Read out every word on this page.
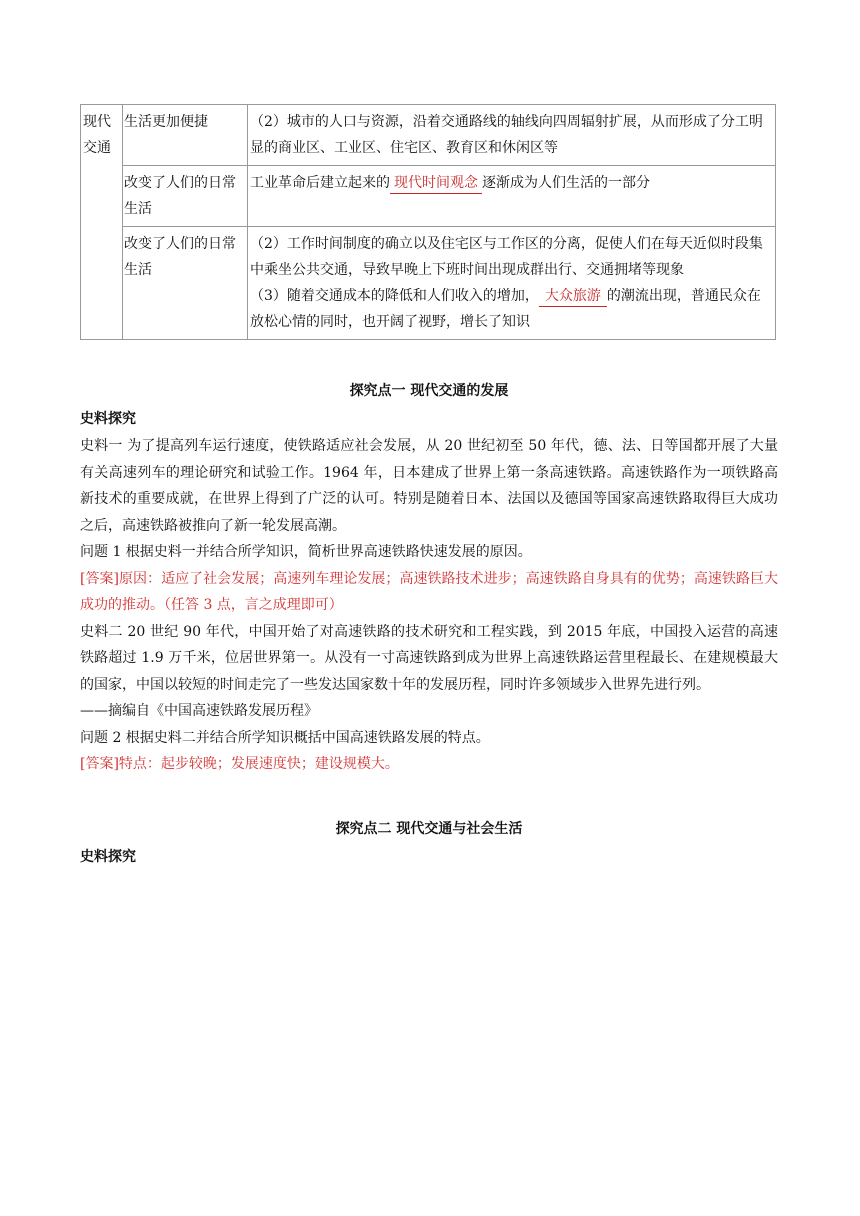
现代交通	生活更加便捷	（2）城市的人口与资源，沿着交通路线的轴线向四周辐射扩展，从而形成了分工明显的商业区、工业区、住宅区、教育区和休闲区等
	改变了人们的日常生活	工业革命后建立起来的 现代时间观念 逐渐成为人们生活的一部分
	改变了人们的日常生活	（2）工作时间制度的确立以及住宅区与工作区的分离，促使人们在每天近似时段集中乘坐公共交通，导致早晚上下班时间出现成群出行、交通拥堵等现象
（3）随着交通成本的降低和人们收入的增加， 大众旅游 的潮流出现，普通民众在放松心情的同时，也开阔了视野，增长了知识

探究点一 现代交通的发展

史料探究

史料一 为了提高列车运行速度，使铁路适应社会发展，从 20 世纪初至 50 年代，德、法、日等国都开展了大量有关高速列车的理论研究和试验工作。1964 年，日本建成了世界上第一条高速铁路。高速铁路作为一项铁路高新技术的重要成就，在世界上得到了广泛的认可。特别是随着日本、法国以及德国等国家高速铁路取得巨大成功之后，高速铁路被推向了新一轮发展高潮。

问题 1 根据史料一并结合所学知识，简析世界高速铁路快速发展的原因。

[答案]原因：适应了社会发展；高速列车理论发展；高速铁路技术进步；高速铁路自身具有的优势；高速铁路巨大成功的推动。（任答 3 点，言之成理即可）

史料二 20 世纪 90 年代，中国开始了对高速铁路的技术研究和工程实践，到 2015 年底，中国投入运营的高速铁路超过 1.9 万千米，位居世界第一。从没有一寸高速铁路到成为世界上高速铁路运营里程最长、在建规模最大的国家，中国以较短的时间走完了一些发达国家数十年的发展历程，同时许多领域步入世界先进行列。

——摘编自《中国高速铁路发展历程》

问题 2 根据史料二并结合所学知识概括中国高速铁路发展的特点。

[答案]特点：起步较晚；发展速度快；建设规模大。

探究点二 现代交通与社会生活

史料探究
